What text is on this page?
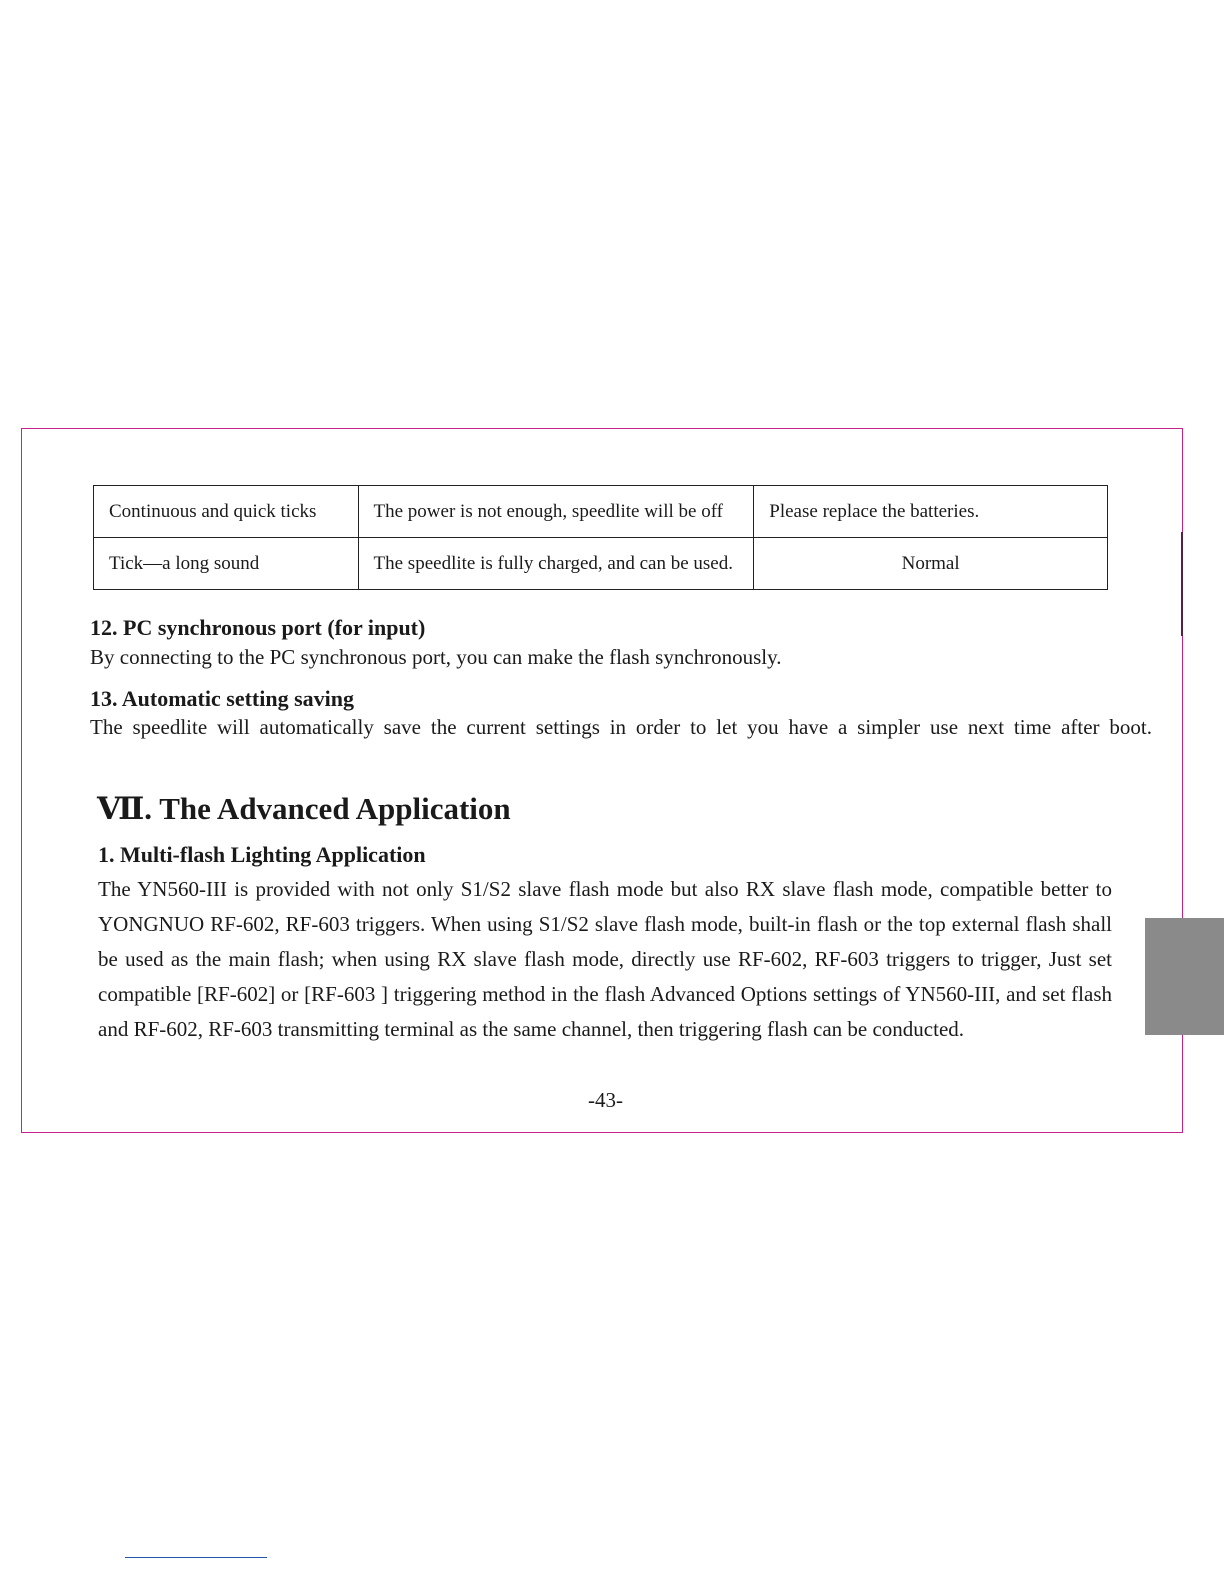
Continuous and quick ticks	The power is not enough, speedlite will be off	Please replace the batteries.
Tick—a long sound	The speedlite is fully charged, and can be used.	Normal
12. PC synchronous port (for input)
By connecting to the PC synchronous port, you can make the flash synchronously.
13. Automatic setting saving
The speedlite will automatically save the current settings in order to let you have a simpler use next time after boot.
Ⅶ. The Advanced Application
1. Multi-flash Lighting Application
The YN560-III is provided with not only S1/S2 slave flash mode but also RX slave flash mode, compatible better to YONGNUO RF-602, RF-603 triggers. When using S1/S2 slave flash mode, built-in flash or the top external flash shall be used as the main flash; when using RX slave flash mode, directly use RF-602, RF-603 triggers to trigger, Just set compatible [RF-602] or [RF-603 ] triggering method in the flash Advanced Options settings of YN560-III, and set flash and RF-602, RF-603 transmitting terminal as the same channel, then triggering flash can be conducted.
-43-
